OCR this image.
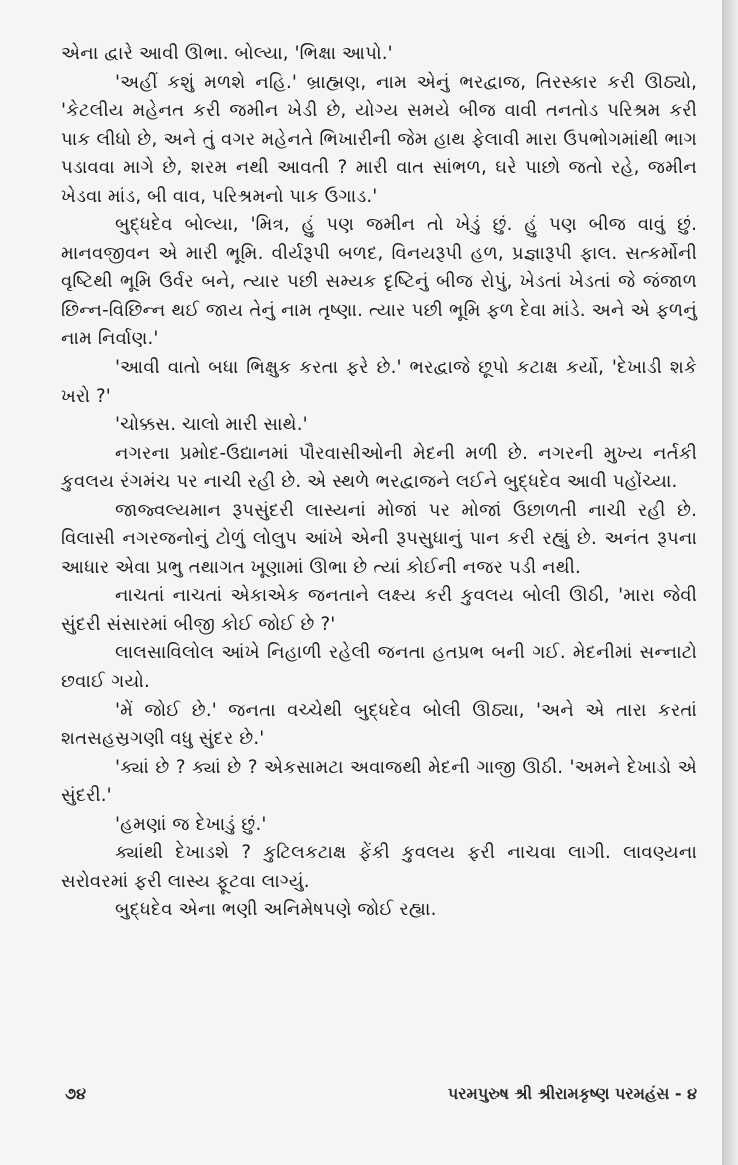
એના દ્વારે આવી ઊભા. બોલ્યા, 'ભિક્ષા આપો.'

'અહીં કશું મળશે નહિ.' બ્રાહ્મણ, નામ એનું ભરદ્વાજ, તિરસ્કાર કરી ઊઠ્યો, 'કેટલીય મહેનત કરી જમીન ખેડી છે, યોગ્ય સમયે બીજ વાવી તનતોડ પરિશ્રમ કરી પાક લીધો છે, અને તું વગર મહેનતે ભિખારીની જેમ હાથ ફેલાવી મારા ઉપભોગમાંથી ભાગ પડાવવા માગે છે, શરમ નથી આવતી ? મારી વાત સાંભળ, ઘરે પાછો જતો રહે, જમીન ખેડવા માંડ, બી વાવ, પરિશ્રમનો પાક ઉગાડ.'

બુદ્ધદેવ બોલ્યા, 'મિત્ર, હું પણ જમીન તો ખેડું છું. હું પણ બીજ વાવું છું. માનવજીવન એ મારી ભૂમિ. વીર્યરૂપી બળદ, વિનયરૂપી હળ, પ્રજ્ઞારૂપી ફાલ. સત્કર્મોની વૃષ્ટિથી ભૂમિ ઉર્વર બને, ત્યાર પછી સમ્યક દૃષ્ટિનું બીજ રોપું, ખેડતાં ખેડતાં જે જંજાળ છિન્ન-વિછિન્ન થઈ જાય તેનું નામ તૃષ્ણા. ત્યાર પછી ભૂમિ ફળ દેવા માંડે. અને એ ફળનું નામ નિર્વાણ.'

'આવી વાતો બધા ભિક્ષુક કરતા ફરે છે.' ભરદ્વાજે છૂપો કટાક્ષ કર્યો, 'દેખાડી શકે ખરો ?'

'ચોક્કસ. ચાલો મારી સાથે.'

નગરના પ્રમોદ-ઉદ્યાનમાં પૌરવાસીઓની મેદની મળી છે. નગરની મુખ્ય નર્તકી કુવલય રંગમંચ પર નાચી રહી છે. એ સ્થળે ભરદ્વાજને લઈને બુદ્ધદેવ આવી પહોંચ્યા.

જાજ્વલ્યમાન રૂપસુંદરી લાસ્યનાં મોજાં પર મોજાં ઉછાળતી નાચી રહી છે. વિલાસી નગરજનોનું ટોળું લોલુપ આંખે એની રૂપસુધાનું પાન કરી રહ્યું છે. અનંત રૂપના આધાર એવા પ્રભુ તથાગત ખૂણામાં ઊભા છે ત્યાં કોઈની નજર પડી નથી.

નાચતાં નાચતાં એકાએક જનતાને લક્ષ્ય કરી કુવલય બોલી ઊઠી, 'મારા જેવી સુંદરી સંસારમાં બીજી કોઈ જોઈ છે ?'

લાલસાવિલોલ આંખે નિહાળી રહેલી જનતા હતપ્રભ બની ગઈ. મેદનીમાં સન્નાટો છવાઈ ગયો.

'મેં જોઈ છે.' જનતા વચ્ચેથી બુદ્ધદેવ બોલી ઊઠ્યા, 'અને એ તારા કરતાં શતસહસ્રગણી વધુ સુંદર છે.'

'ક્યાં છે ? ક્યાં છે ? એકસામટા અવાજથી મેદની ગાજી ઊઠી. 'અમને દેખાડો એ સુંદરી.'

'હમણાં જ દેખાડું છું.'

ક્યાંથી દેખાડશે ? કુટિલકટાક્ષ ફેંકી કુવલય ફરી નાચવા લાગી. લાવણ્યના સરોવરમાં ફરી લાસ્ય ફૂટવા લાગ્યું.

બુદ્ધદેવ એના ભણી અનિમેષપણે જોઈ રહ્યા.

૭૪	પરમપુરુષ શ્રી શ્રીરામકૃષ્ણ પરમહંસ - ૪
